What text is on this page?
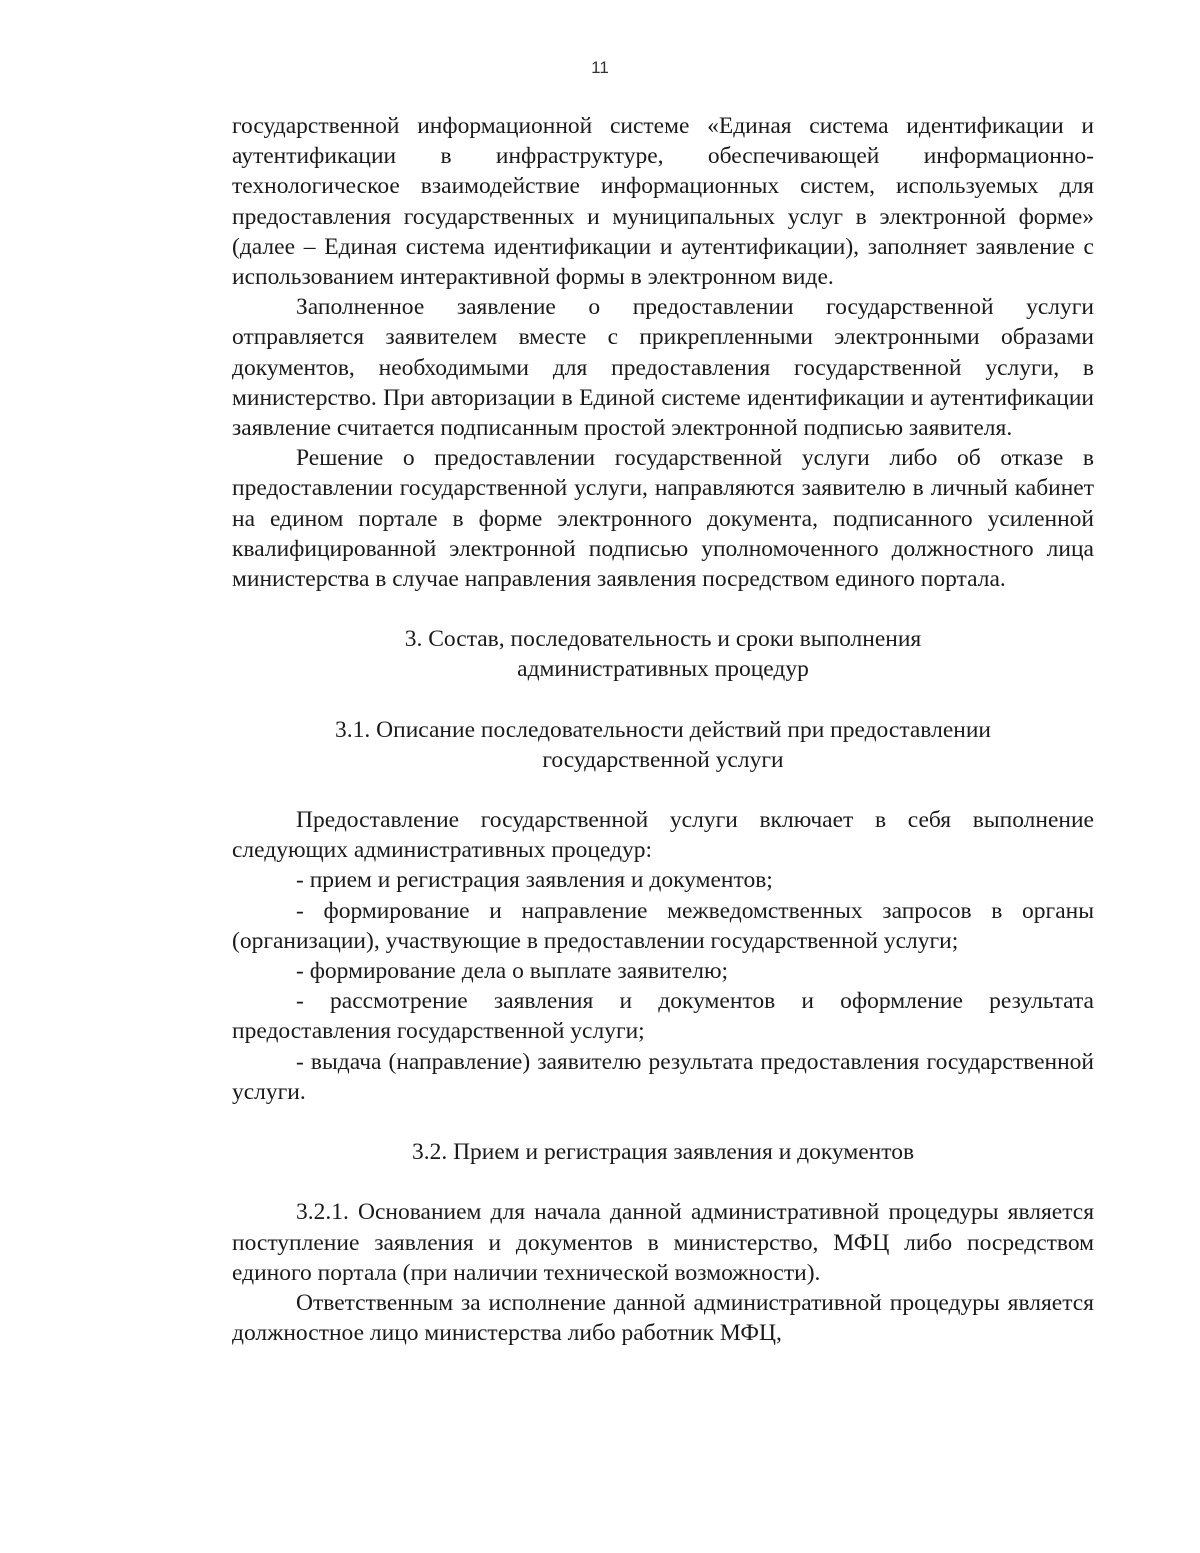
11

государственной информационной системе «Единая система идентификации и аутентификации в инфраструктуре, обеспечивающей информационно-технологическое взаимодействие информационных систем, используемых для предоставления государственных и муниципальных услуг в электронной форме» (далее – Единая система идентификации и аутентификации), заполняет заявление с использованием интерактивной формы в электронном виде.

Заполненное заявление о предоставлении государственной услуги отправляется заявителем вместе с прикрепленными электронными образами документов, необходимыми для предоставления государственной услуги, в министерство. При авторизации в Единой системе идентификации и аутентификации заявление считается подписанным простой электронной подписью заявителя.

Решение о предоставлении государственной услуги либо об отказе в предоставлении государственной услуги, направляются заявителю в личный кабинет на едином портале в форме электронного документа, подписанного усиленной квалифицированной электронной подписью уполномоченного должностного лица министерства в случае направления заявления посредством единого портала.

3. Состав, последовательность и сроки выполнения
административных процедур
3.1. Описание последовательности действий при предоставлении
государственной услуги

Предоставление государственной услуги включает в себя выполнение следующих административных процедур:

- прием и регистрация заявления и документов;

- формирование и направление межведомственных запросов в органы (организации), участвующие в предоставлении государственной услуги;

- формирование дела о выплате заявителю;

- рассмотрение заявления и документов и оформление результата предоставления государственной услуги;

- выдача (направление) заявителю результата предоставления государственной услуги.

3.2. Прием и регистрация заявления и документов

3.2.1. Основанием для начала данной административной процедуры является поступление заявления и документов в министерство, МФЦ либо посредством единого портала (при наличии технической возможности).

Ответственным за исполнение данной административной процедуры является должностное лицо министерства либо работник МФЦ,
